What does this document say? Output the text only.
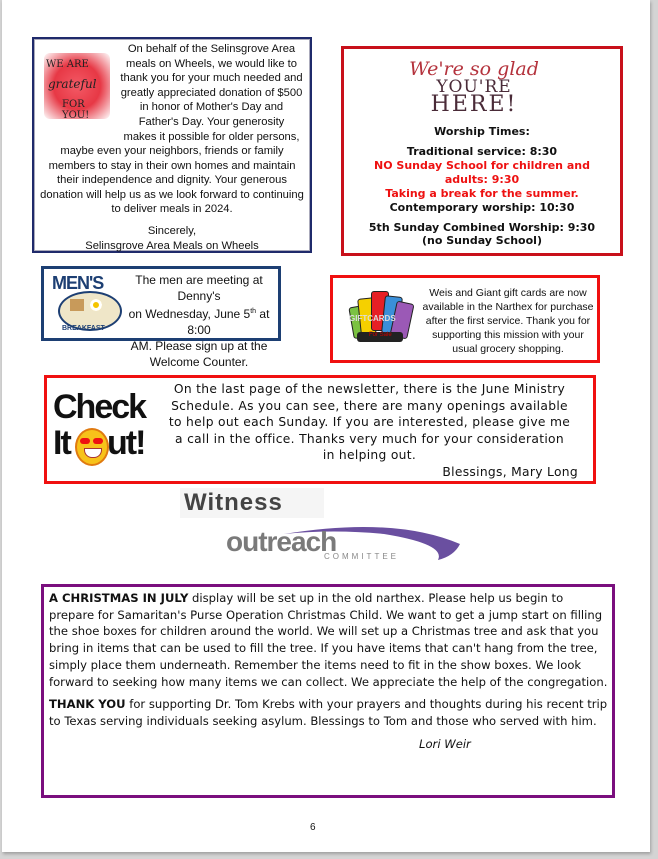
WE ARE
grateful
FOR YOU!
On behalf of the Selinsgrove Area
meals on Wheels, we would like to
thank you for your much needed and
greatly appreciated donation of $500
in honor of Mother's Day and
Father's Day. Your generosity
makes it possible for older persons,
maybe even your neighbors, friends or family
members to stay in their own homes and maintain
their independence and dignity. Your generous
donation will help us as we look forward to continuing
to deliver meals in 2024.
Sincerely,
Selinsgrove Area Meals on Wheels
We're so glad
YOU'RE
HERE!
Worship Times:
Traditional service: 8:30
NO Sunday School for children and adults: 9:30
Taking a break for the summer.
Contemporary worship: 10:30
5th Sunday Combined Worship: 9:30
(no Sunday School)
MEN'S
BREAKFAST
The men are meeting at Denny's
on Wednesday, June 5th at 8:00
AM. Please sign up at the
Welcome Counter.
GIFTCARDS
For Sale
Weis and Giant gift cards are now
available in the Narthex for purchase
after the first service. Thank you for
supporting this mission with your
usual grocery shopping.
Check
It ut!
On the last page of the newsletter, there is the June Ministry
Schedule. As you can see, there are many openings available
to help out each Sunday. If you are interested, please give me
a call in the office. Thanks very much for your consideration
in helping out.
Blessings, Mary Long
Witness
outreach
COMMITTEE

A CHRISTMAS IN JULY display will be set up in the old narthex. Please help us begin to prepare for Samaritan's Purse Operation Christmas Child. We want to get a jump start on filling the shoe boxes for children around the world. We will set up a Christmas tree and ask that you bring in items that can be used to fill the tree. If you have items that can't hang from the tree, simply place them underneath. Remember the items need to fit in the show boxes. We look forward to seeking how many items we can collect. We appreciate the help of the congregation.

THANK YOU for supporting Dr. Tom Krebs with your prayers and thoughts during his recent trip to Texas serving individuals seeking asylum. Blessings to Tom and those who served with him.

Lori Weir
6
